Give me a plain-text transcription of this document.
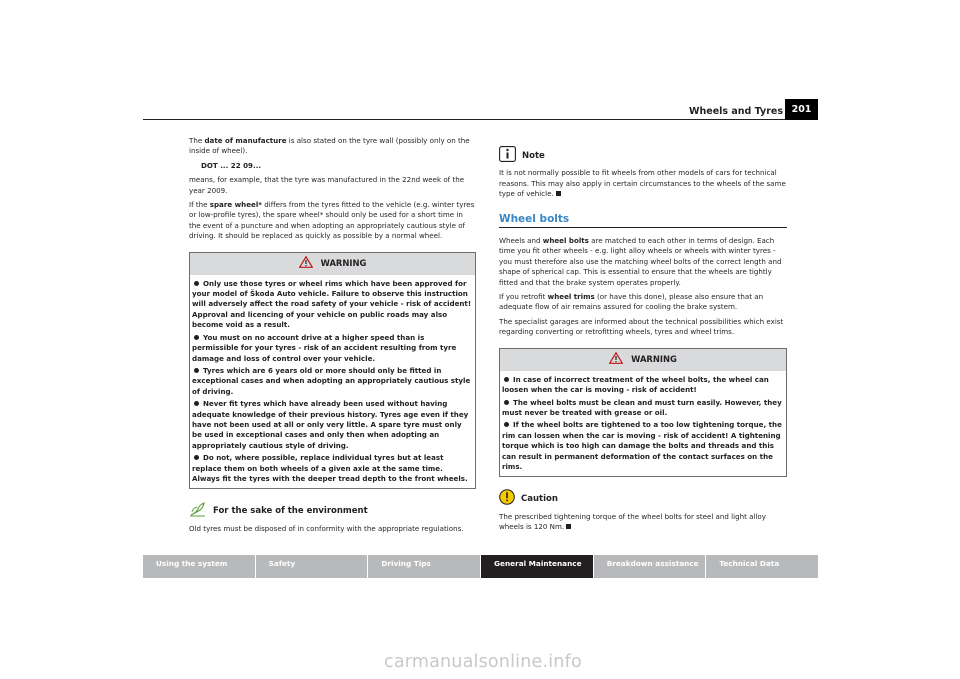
Wheels and Tyres 201

The date of manufacture is also stated on the tyre wall (possibly only on the inside of wheel).

DOT ... 22 09...

means, for example, that the tyre was manufactured in the 22nd week of the year 2009.

If the spare wheel* differs from the tyres fitted to the vehicle (e.g. winter tyres or low-profile tyres), the spare wheel* should only be used for a short time in the event of a puncture and when adopting an appropriately cautious style of driving. It should be replaced as quickly as possible by a normal wheel.

WARNING
Only use those tyres or wheel rims which have been approved for your model of Škoda Auto vehicle. Failure to observe this instruction will adversely affect the road safety of your vehicle - risk of accident! Approval and licencing of your vehicle on public roads may also become void as a result.
You must on no account drive at a higher speed than is permissible for your tyres - risk of an accident resulting from tyre damage and loss of control over your vehicle.
Tyres which are 6 years old or more should only be fitted in exceptional cases and when adopting an appropriately cautious style of driving.
Never fit tyres which have already been used without having adequate knowledge of their previous history. Tyres age even if they have not been used at all or only very little. A spare tyre must only be used in exceptional cases and only then when adopting an appropriately cautious style of driving.
Do not, where possible, replace individual tyres but at least replace them on both wheels of a given axle at the same time. Always fit the tyres with the deeper tread depth to the front wheels.
For the sake of the environment

Old tyres must be disposed of in conformity with the appropriate regulations.

Note

It is not normally possible to fit wheels from other models of cars for technical reasons. This may also apply in certain circumstances to the wheels of the same type of vehicle.

Wheel bolts

Wheels and wheel bolts are matched to each other in terms of design. Each time you fit other wheels - e.g. light alloy wheels or wheels with winter tyres - you must therefore also use the matching wheel bolts of the correct length and shape of spherical cap. This is essential to ensure that the wheels are tightly fitted and that the brake system operates properly.

If you retrofit wheel trims (or have this done), please also ensure that an adequate flow of air remains assured for cooling the brake system.

The specialist garages are informed about the technical possibilities which exist regarding converting or retrofitting wheels, tyres and wheel trims.

WARNING
In case of incorrect treatment of the wheel bolts, the wheel can loosen when the car is moving - risk of accident!
The wheel bolts must be clean and must turn easily. However, they must never be treated with grease or oil.
If the wheel bolts are tightened to a too low tightening torque, the rim can lossen when the car is moving - risk of accident! A tightening torque which is too high can damage the bolts and threads and this can result in permanent deformation of the contact surfaces on the rims.
Caution

The prescribed tightening torque of the wheel bolts for steel and light alloy wheels is 120 Nm.

Using the system	Safety	Driving Tips	General Maintenance	Breakdown assistance	Technical Data
carmanualsonline.info
